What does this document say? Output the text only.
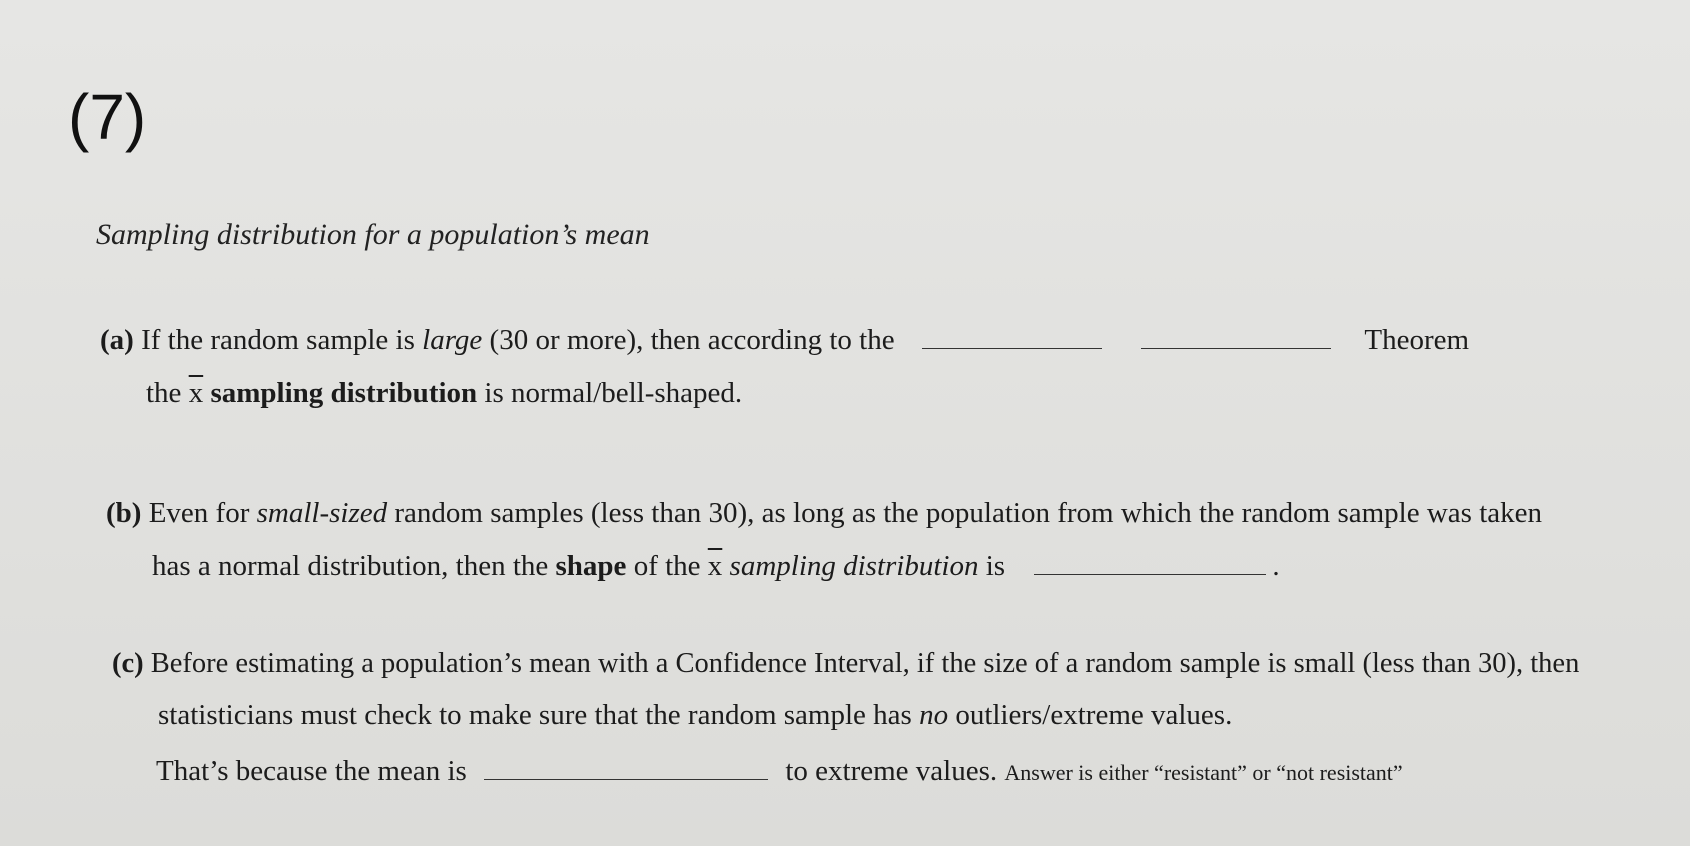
(7)
Sampling distribution for a population’s mean
(a) If the random sample is large (30 or more), then according to the	Theorem
the $\overline{x}$ sampling distribution is normal/bell-shaped.
(b) Even for small-sized random samples (less than 30), as long as the population from which the random sample was taken
has a normal distribution, then the shape of the $\overline{x}$ sampling distribution is	.
(c) Before estimating a population’s mean with a Confidence Interval, if the size of a random sample is small (less than 30), then
statisticians must check to make sure that the random sample has no outliers/extreme values.
That’s because the mean is	to extreme values. Answer is either “resistant” or “not resistant”
